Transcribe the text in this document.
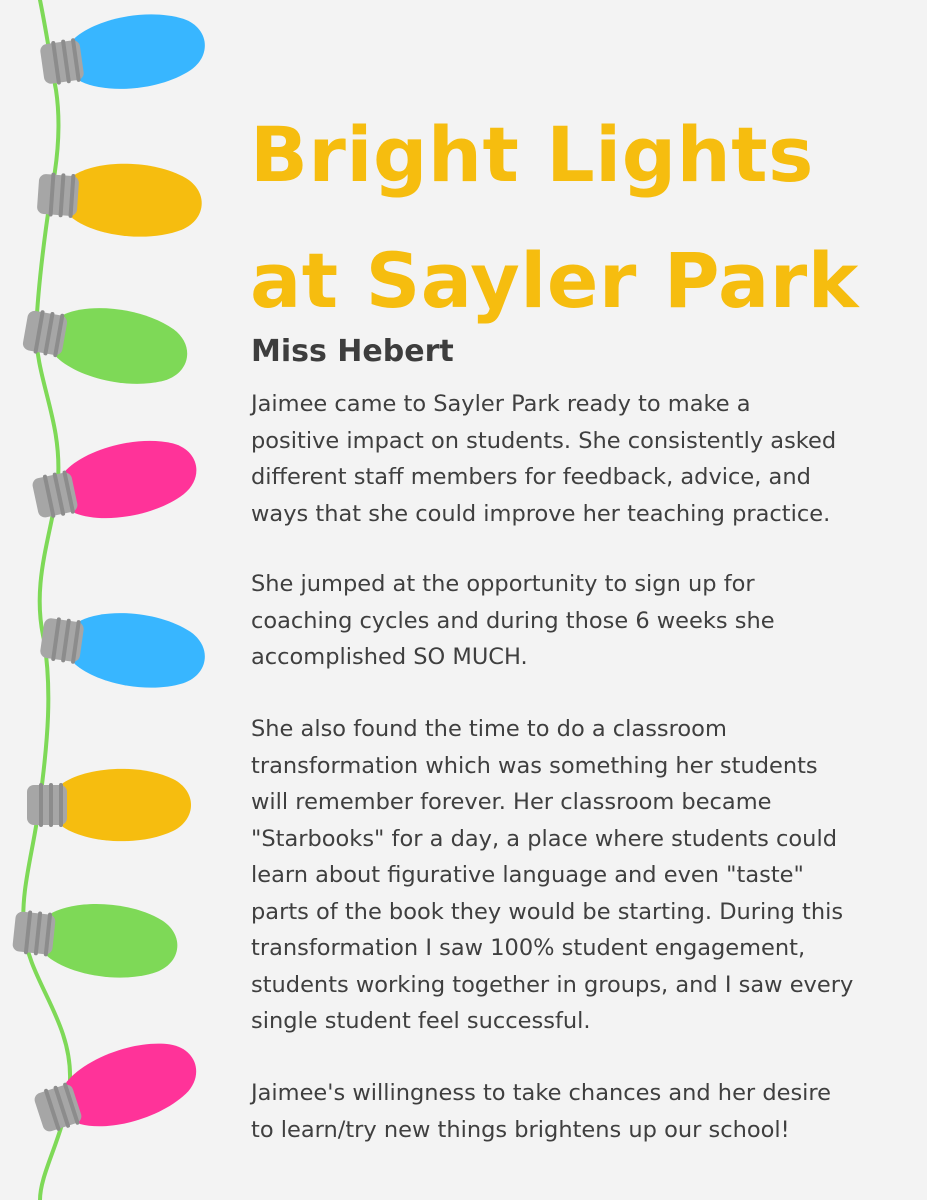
Bright Lights
at Sayler Park
Miss Hebert

Jaimee came to Sayler Park ready to make a
positive impact on students. She consistently asked
different staff members for feedback, advice, and
ways that she could improve her teaching practice.

She jumped at the opportunity to sign up for
coaching cycles and during those 6 weeks she
accomplished SO MUCH.

She also found the time to do a classroom
transformation which was something her students
will remember forever. Her classroom became
"Starbooks" for a day, a place where students could
learn about figurative language and even "taste"
parts of the book they would be starting. During this
transformation I saw 100% student engagement,
students working together in groups, and I saw every
single student feel successful.

Jaimee's willingness to take chances and her desire
to learn/try new things brightens up our school!
